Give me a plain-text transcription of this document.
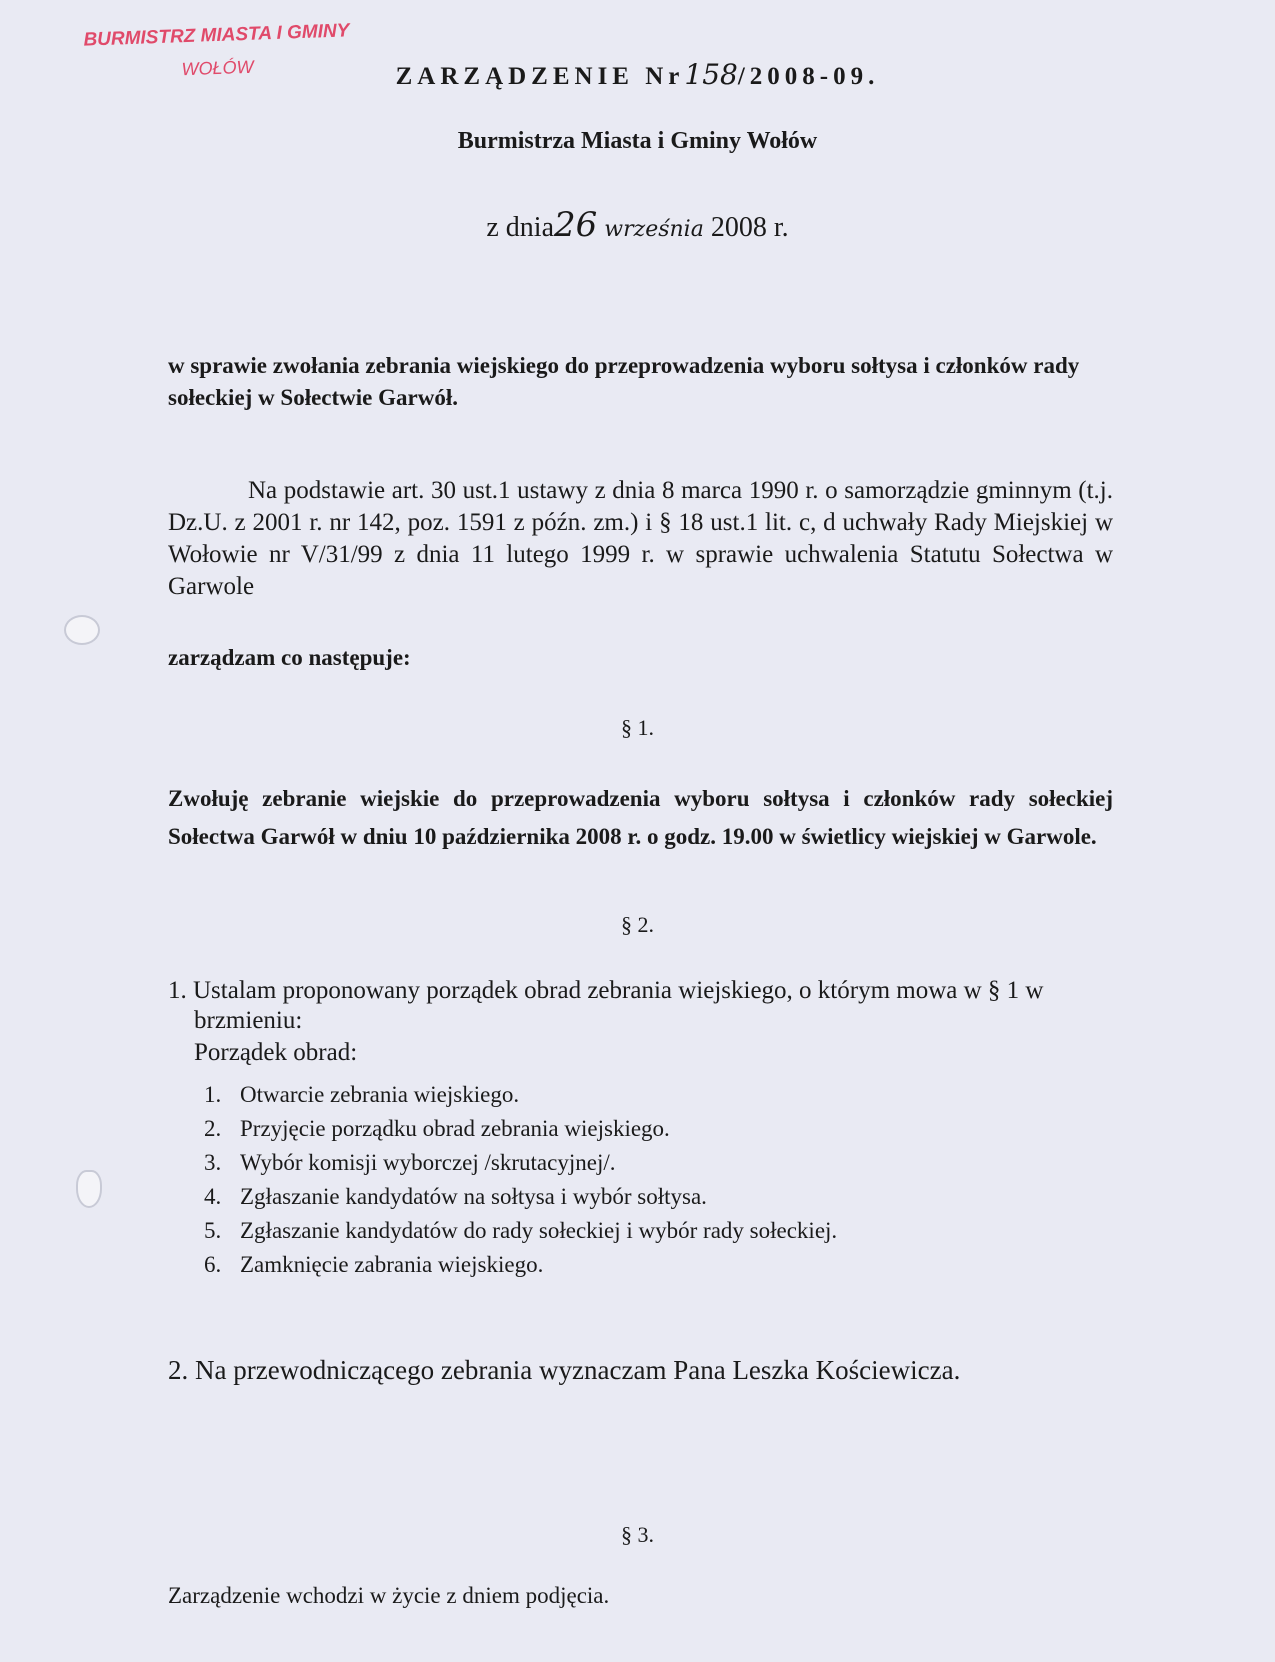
BURMISTRZ MIASTA I GMINY
WOŁÓW	ZARZĄDZENIE Nr158/2008-09.
Burmistrza Miasta i Gminy Wołów
z dnia26 września 2008 r.
w sprawie zwołania zebrania wiejskiego do przeprowadzenia wyboru sołtysa i członków rady sołeckiej w Sołectwie Garwół.

Na podstawie art. 30 ust.1 ustawy z dnia 8 marca 1990 r. o samorządzie gminnym (t.j. Dz.U. z 2001 r. nr 142, poz. 1591 z późn. zm.) i § 18 ust.1 lit. c, d uchwały Rady Miejskiej w Wołowie nr V/31/99 z dnia 11 lutego 1999 r. w sprawie uchwalenia Statutu Sołectwa w Garwole

zarządzam co następuje:
§ 1.
Zwołuję zebranie wiejskie do przeprowadzenia wyboru sołtysa i członków rady sołeckiej Sołectwa Garwół w dniu 10 października 2008 r. o godz. 19.00 w świetlicy wiejskiej w Garwole.
§ 2.
1. Ustalam proponowany porządek obrad zebrania wiejskiego, o którym mowa w § 1 w brzmieniu:
Porządek obrad:
1. Otwarcie zebrania wiejskiego.
2. Przyjęcie porządku obrad zebrania wiejskiego.
3. Wybór komisji wyborczej /skrutacyjnej/.
4. Zgłaszanie kandydatów na sołtysa i wybór sołtysa.
5. Zgłaszanie kandydatów do rady sołeckiej i wybór rady sołeckiej.
6. Zamknięcie zabrania wiejskiego.
2. Na przewodniczącego zebrania wyznaczam Pana Leszka Kościewicza.
§ 3.
Zarządzenie wchodzi w życie z dniem podjęcia.
